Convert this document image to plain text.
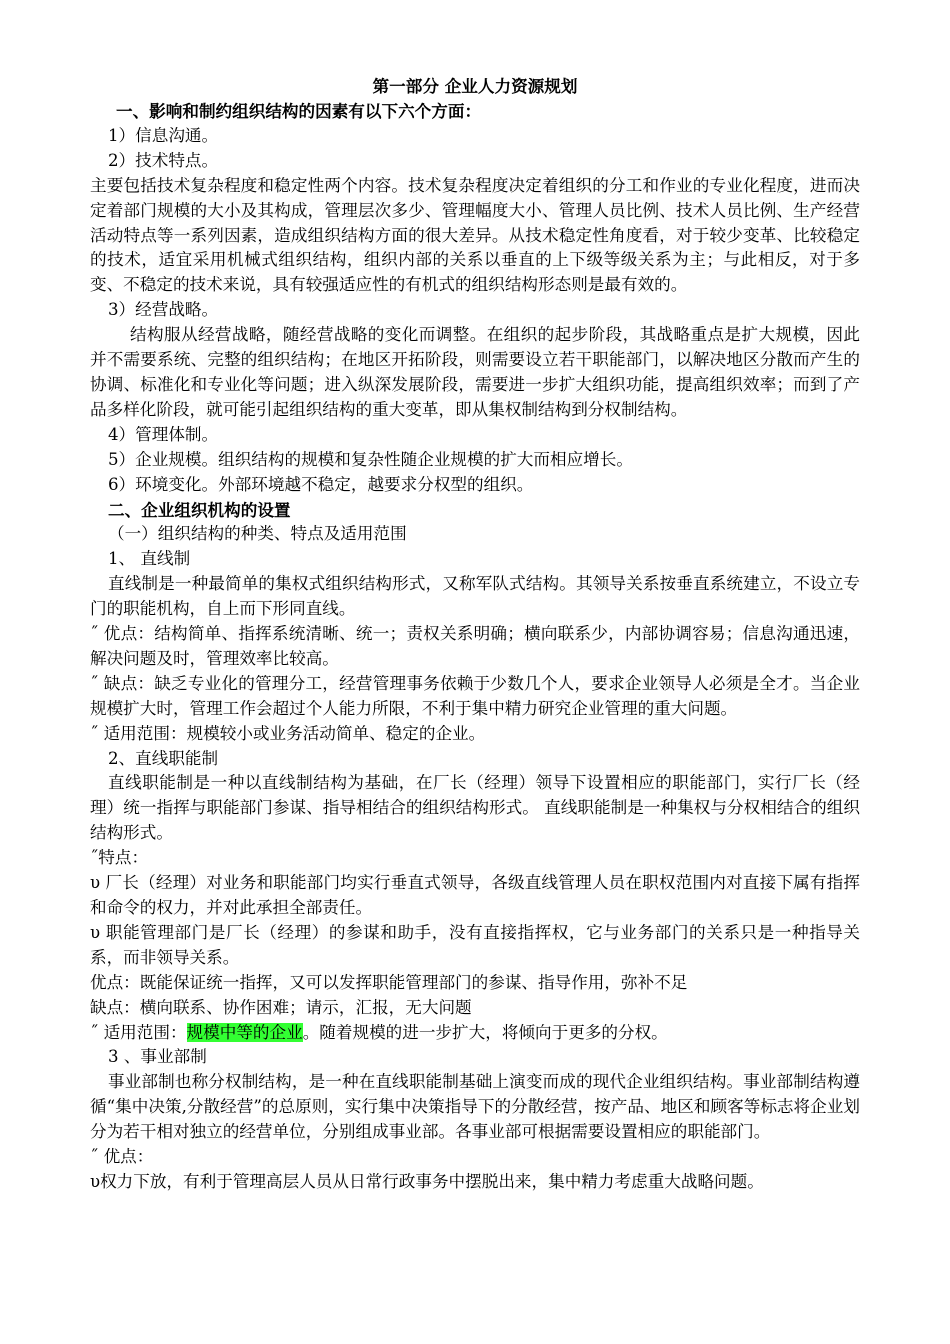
第一部分 企业人力资源规划

一、影响和制约组织结构的因素有以下六个方面：

1）信息沟通。

2）技术特点。

主要包括技术复杂程度和稳定性两个内容。技术复杂程度决定着组织的分工和作业的专业化程度，进而决定着部门规模的大小及其构成，管理层次多少、管理幅度大小、管理人员比例、技术人员比例、生产经营活动特点等一系列因素，造成组织结构方面的很大差异。从技术稳定性角度看，对于较少变革、比较稳定的技术，适宜采用机械式组织结构，组织内部的关系以垂直的上下级等级关系为主；与此相反，对于多变、不稳定的技术来说，具有较强适应性的有机式的组织结构形态则是最有效的。

3）经营战略。

结构服从经营战略，随经营战略的变化而调整。在组织的起步阶段，其战略重点是扩大规模，因此并不需要系统、完整的组织结构；在地区开拓阶段，则需要设立若干职能部门，以解决地区分散而产生的协调、标准化和专业化等问题；进入纵深发展阶段，需要进一步扩大组织功能，提高组织效率；而到了产品多样化阶段，就可能引起组织结构的重大变革，即从集权制结构到分权制结构。

4）管理体制。

5）企业规模。组织结构的规模和复杂性随企业规模的扩大而相应增长。

6）环境变化。外部环境越不稳定，越要求分权型的组织。

二、企业组织机构的设置

（一）组织结构的种类、特点及适用范围

1、 直线制

直线制是一种最简单的集权式组织结构形式，又称军队式结构。其领导关系按垂直系统建立，不设立专门的职能机构，自上而下形同直线。

˝ 优点：结构简单、指挥系统清晰、统一；责权关系明确；横向联系少，内部协调容易；信息沟通迅速，解决问题及时，管理效率比较高。

˝ 缺点：缺乏专业化的管理分工，经营管理事务依赖于少数几个人，要求企业领导人必须是全才。当企业规模扩大时，管理工作会超过个人能力所限，不利于集中精力研究企业管理的重大问题。

˝ 适用范围：规模较小或业务活动简单、稳定的企业。

2、直线职能制

直线职能制是一种以直线制结构为基础，在厂长（经理）领导下设置相应的职能部门，实行厂长（经理）统一指挥与职能部门参谋、指导相结合的组织结构形式。 直线职能制是一种集权与分权相结合的组织结构形式。

˝特点：

υ 厂长（经理）对业务和职能部门均实行垂直式领导，各级直线管理人员在职权范围内对直接下属有指挥和命令的权力，并对此承担全部责任。

υ 职能管理部门是厂长（经理）的参谋和助手，没有直接指挥权，它与业务部门的关系只是一种指导关系，而非领导关系。

优点：既能保证统一指挥，又可以发挥职能管理部门的参谋、指导作用，弥补不足

缺点：横向联系、协作困难；请示，汇报，无大问题

˝ 适用范围：规模中等的企业。随着规模的进一步扩大，将倾向于更多的分权。

3 、事业部制

事业部制也称分权制结构，是一种在直线职能制基础上演变而成的现代企业组织结构。事业部制结构遵循“集中决策,分散经营”的总原则，实行集中决策指导下的分散经营，按产品、地区和顾客等标志将企业划分为若干相对独立的经营单位，分别组成事业部。各事业部可根据需要设置相应的职能部门。

˝ 优点：

υ权力下放，有利于管理高层人员从日常行政事务中摆脱出来，集中精力考虑重大战略问题。
